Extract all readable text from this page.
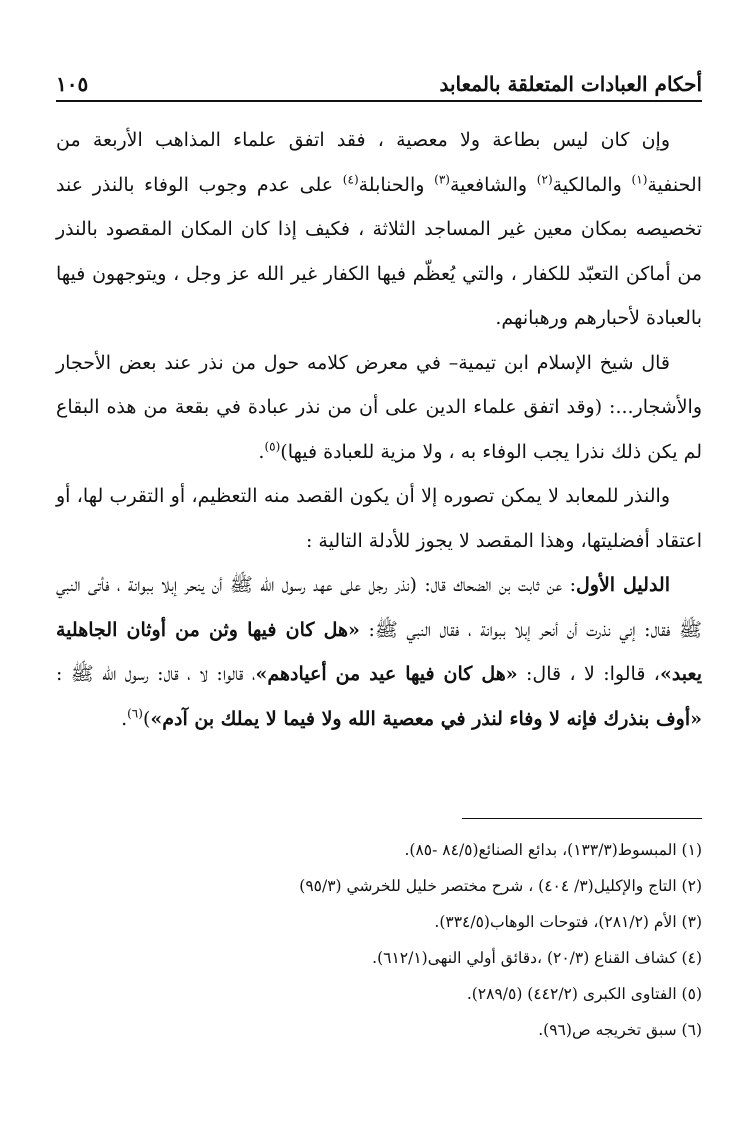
أحكام العبادات المتعلقة بالمعابد
١٠٥

وإن كان ليس بطاعة ولا معصية ، فقد اتفق علماء المذاهب الأربعة من الحنفية$^{(١)}$ والمالكية$^{(٢)}$ والشافعية$^{(٣)}$ والحنابلة$^{(٤)}$ على عدم وجوب الوفاء بالنذر عند تخصيصه بمكان معين غير المساجد الثلاثة ، فكيف إذا كان المكان المقصود بالنذر من أماكن التعبّد للكفار ، والتي يُعظّم فيها الكفار غير الله عز وجل ، ويتوجهون فيها بالعبادة لأحبارهم ورهبانهم.

قال شيخ الإسلام ابن تيمية– في معرض كلامه حول من نذر عند بعض الأحجار والأشجار...: (وقد اتفق علماء الدين على أن من نذر عبادة في بقعة من هذه البقاع لم يكن ذلك نذرا يجب الوفاء به ، ولا مزية للعبادة فيها)$^{(٥)}$.

والنذر للمعابد لا يمكن تصوره إلا أن يكون القصد منه التعظيم، أو التقرب لها، أو اعتقاد أفضليتها، وهذا المقصد لا يجوز للأدلة التالية :

الدليل الأول: عن ثابت بن الضحاك قال: (نذر رجل على عهد رسول الله ﷺ أن ينحر إبلا ببوانة ، فأتى النبي ﷺ فقال: إني نذرت أن أنحر إبلا ببوانة ، فقال النبي ﷺ: «هل كان فيها وثن من أوثان الجاهلية يعبد»، قالوا: لا ، قال: «هل كان فيها عيد من أعيادهم»، قالوا: لا ، قال: رسول الله ﷺ : «أوف بنذرك فإنه لا وفاء لنذر في معصية الله ولا فيما لا يملك بن آدم»)$^{(٦)}$.

(١) المبسوط(١٣٣/٣)، بدائع الصنائع(٨٤/٥ -٨٥).
(٢) التاج والإكليل(٣/ ٤٠٤) ، شرح مختصر خليل للخرشي (٩٥/٣)
(٣) الأم (٢٨١/٢)، فتوحات الوهاب(٣٣٤/٥).
(٤) كشاف القناع (٢٠/٣) ،دقائق أولي النهى(٦١٢/١).
(٥) الفتاوى الكبرى (٤٤٢/٢) (٢٨٩/٥).
(٦) سبق تخريجه ص(٩٦).
